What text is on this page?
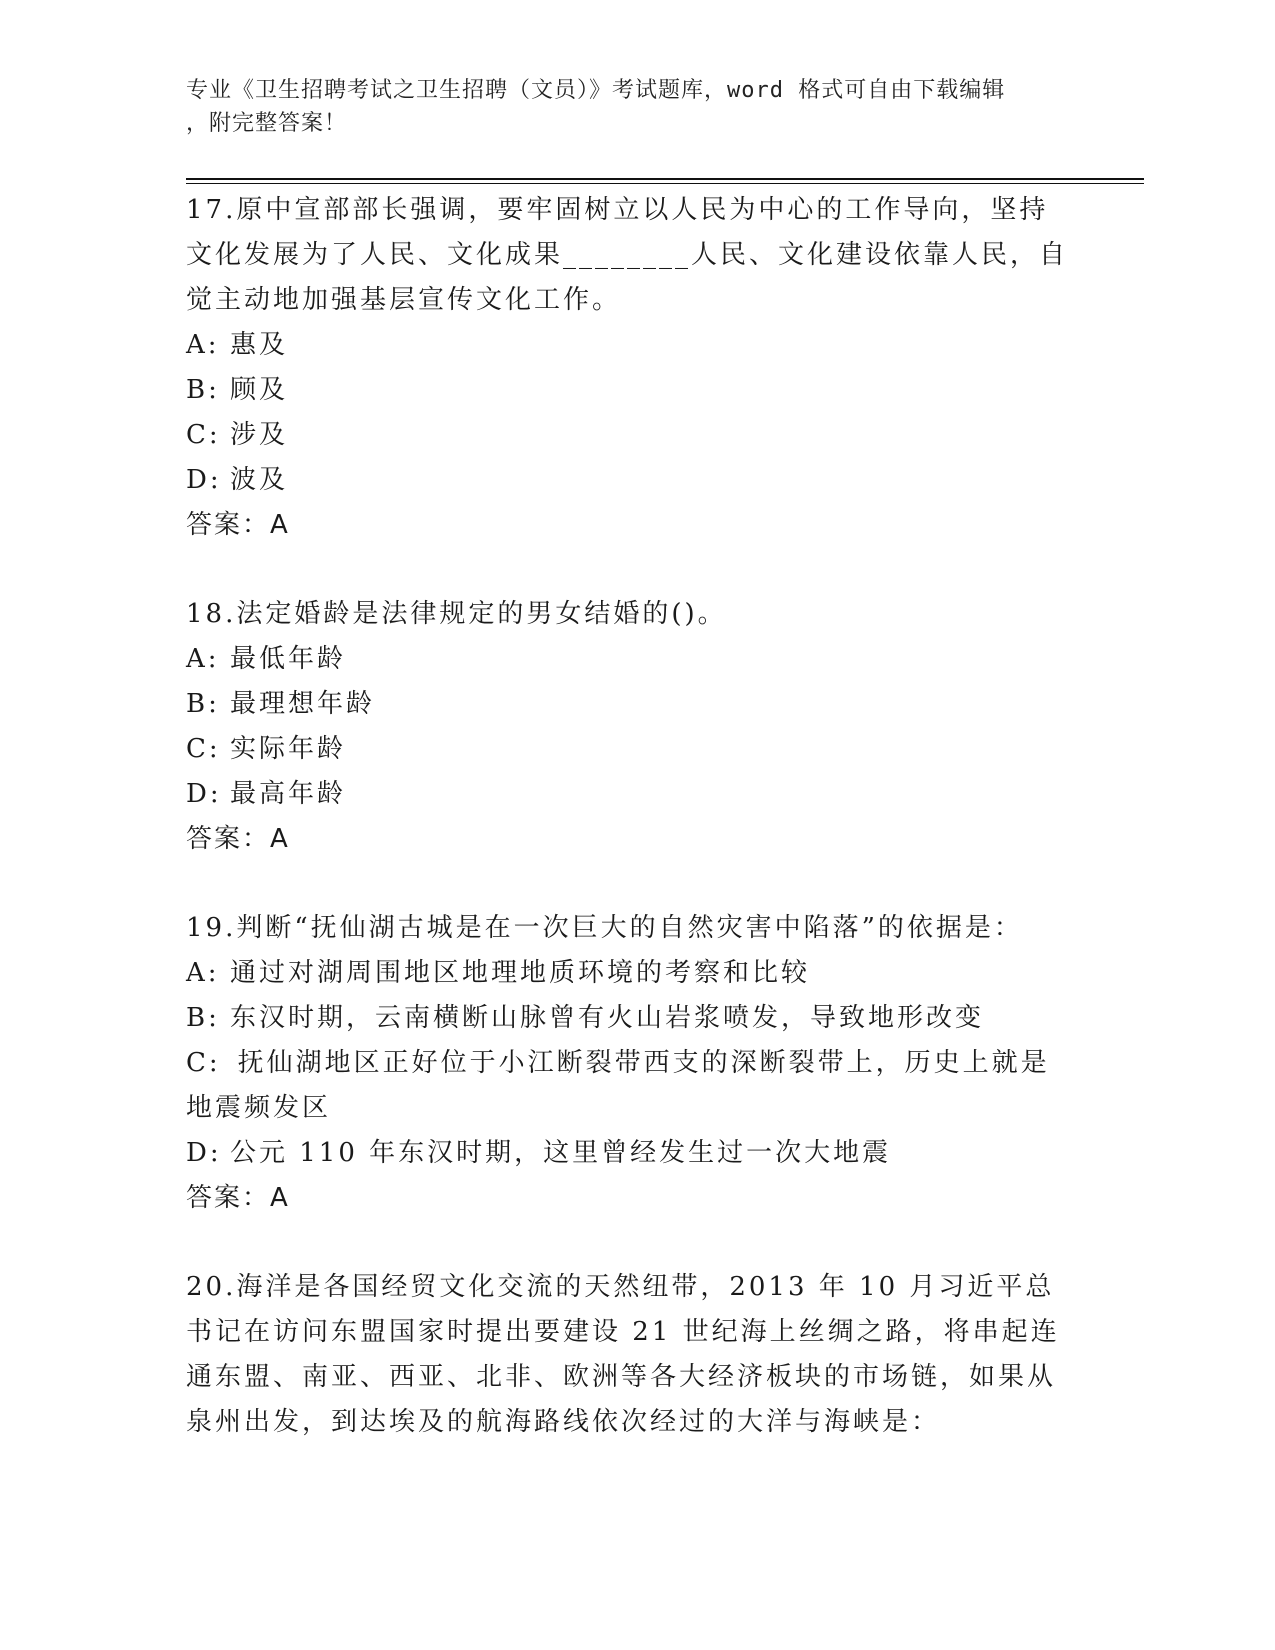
专业《卫生招聘考试之卫生招聘（文员）》考试题库，word 格式可自由下载编辑
，附完整答案！
17.原中宣部部长强调，要牢固树立以人民为中心的工作导向，坚持文化发展为了人民、文化成果________人民、文化建设依靠人民，自觉主动地加强基层宣传文化工作。
A: 惠及
B: 顾及
C: 涉及
D: 波及
答案：A
18.法定婚龄是法律规定的男女结婚的()。
A: 最低年龄
B: 最理想年龄
C: 实际年龄
D: 最高年龄
答案：A
19.判断“抚仙湖古城是在一次巨大的自然灾害中陷落”的依据是：
A: 通过对湖周围地区地理地质环境的考察和比较
B: 东汉时期，云南横断山脉曾有火山岩浆喷发，导致地形改变
C: 抚仙湖地区正好位于小江断裂带西支的深断裂带上，历史上就是地震频发区
D: 公元 110 年东汉时期，这里曾经发生过一次大地震
答案：A
20.海洋是各国经贸文化交流的天然纽带，2013 年 10 月习近平总书记在访问东盟国家时提出要建设 21 世纪海上丝绸之路，将串起连通东盟、南亚、西亚、北非、欧洲等各大经济板块的市场链，如果从泉州出发，到达埃及的航海路线依次经过的大洋与海峡是：
